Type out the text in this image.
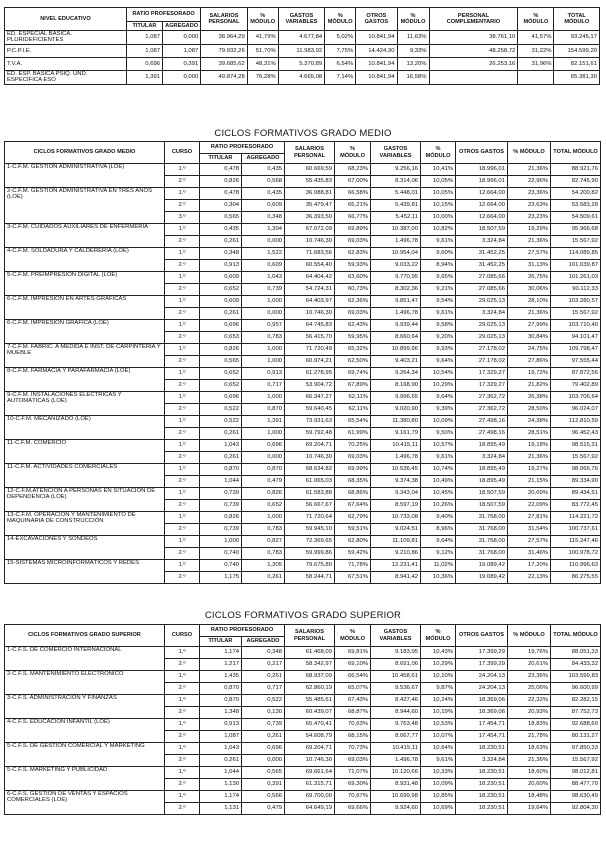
NIVEL EDUCATIVO	RATIO PROFESORADO		SALARIOS PERSONAL	% MÓDULO	GASTOS VARIABLES	% MÓDULO	OTROS GASTOS	% MÓDULO	PERSONAL COMPLEMENTARIO	% MÓDULO	TOTAL MÓDULO
	TITULAR	AGREGADO									
ED. ESPECIAL BÁSICA. PLURIDEFICIENTES	1,087	0,000	38.964,29	41,79%	4.677,84	5,02%	10.841,94	11,63%	38.761,10	41,57%	93.245,17
P.C.P.I.E.	1,087	1,087	79.932,26	51,70%	11.983,92	7,75%	14.424,30	9,33%	48.258,72	31,22%	154.599,20
T.V.A.	0,696	0,391	39.685,62	48,31%	5.370,89	6,54%	10.841,94	13,20%	26.253,16	31,96%	82.151,61
ED. ESP. BÁSICA PSIQ. UND. ESPECÍFICA ESO	1,391	0,000	49.874,28	76,28%	4.665,08	7,14%	10.841,94	16,58%			65.381,30
CICLOS FORMATIVOS GRADO MEDIO
CICLOS FORMATIVOS GRADO MEDIO	CURSO	RATIO PROFESORADO		SALARIOS PERSONAL	% MÓDULO	GASTOS VARIABLES	% MÓDULO	OTROS GASTOS	% MÓDULO	TOTAL MÓDULO
		TITULAR	AGREGADO							
1-C.F.M. GESTIÓN ADMINISTRATIVA (LOE)	1.º	0,478	0,435	60.669,59	68,23%	9.256,16	10,41%	18.996,01	21,36%	88.921,76
	2.º	0,826	0,568	55.435,83	67,00%	8.314,06	10,05%	18.996,01	22,96%	82.745,90
2-C.F.M. GESTIÓN ADMINISTRATIVA EN TRES AÑOS (LOE)	1.º	0,478	0,435	36.088,81	66,58%	5.448,01	10,05%	12.664,00	23,36%	54.200,82
	2.º	0,304	0,609	35.479,47	66,21%	5.439,81	10,15%	12.664,00	23,63%	53.583,28
	3.º	0,565	0,348	36.393,50	66,77%	5.452,11	10,00%	12.664,00	23,23%	54.509,61
3-C.F.M. CUIDADOS AUXILIARES DE ENFERMERÍA	1.º	0,435	1,304	67.072,09	69,89%	10.387,00	10,82%	18.507,59	19,29%	95.966,68
	2.º	0,261	0,000	10.746,30	69,03%	1.496,78	9,61%	3.324,84	21,36%	15.567,92
4-C.F.M. SOLDADURA Y CALDERERÍA (LOE)	1.º	0,348	1,522	71.683,56	62,83%	10.954,04	9,60%	31.452,25	27,57%	114.089,85
	2.º	0,913	0,609	60.554,40	59,93%	9.033,22	8,94%	31.452,25	31,13%	101.039,87
5-C.F.M. PREIMPRESIÓN DIGITAL (LOE)	1.º	0,609	1,043	64.404,42	63,60%	9.770,95	9,65%	27.085,66	26,75%	101.261,03
	2.º	0,652	0,739	54.724,31	60,73%	8.302,36	9,21%	27.085,66	30,06%	90.112,33
6-C.F.M. IMPRESIÓN EN ARTES GRÁFICAS	1.º	0,609	1,000	64.403,97	62,36%	9.851,47	9,54%	29.025,13	28,10%	103.280,57
	2.º	0,261	0,000	10.746,30	69,03%	1.496,78	9,61%	3.324,84	21,36%	15.567,92
6-C.F.M. IMPRESIÓN GRÁFICA (LOE)	1.º	0,696	0,957	64.745,83	62,43%	9.939,44	9,58%	29.025,13	27,99%	103.710,40
	2.º	0,653	0,783	56.415,70	59,95%	8.660,64	9,20%	29.025,13	30,84%	94.101,47
7-C.F.M. FABRIC. A MEDIDA E INST. DE CARPINTERÍA Y MUEBLE	1.º	0,826	1,000	71.720,49	65,32%	10.899,96	9,93%	27.178,02	24,75%	109.798,47
	2.º	0,565	1,000	60.974,21	62,50%	9.403,21	9,64%	27.178,02	27,86%	97.555,44
8-C.F.M. FARMACIA Y PARAFARMACIA (LOE)	1.º	0,652	0,913	61.278,95	69,74%	9.264,34	10,54%	17.329,27	19,72%	87.872,56
	2.º	0,652	0,717	53.904,72	67,89%	8.168,90	10,29%	17.329,27	21,82%	79.402,89
9-C.F.M. INSTALACIONES ELÉCTRICAS Y AUTOMÁTICAS (LOE)	1.º	0,696	1,000	66.347,27	62,11%	9.996,65	9,64%	27.362,72	26,38%	103.706,64
	2.º	0,522	0,870	59.640,45	62,11%	9.020,90	9,39%	27.362,72	28,50%	96.024,07
10-C.F.M. MECANIZADO (LOE)	1.º	0,522	1,391	73.931,63	65,54%	11.380,80	10,09%	27.498,16	24,38%	112.810,59
	2.º	0,261	1,000	59.792,48	61,99%	9.161,79	9,50%	27.498,16	28,51%	96.452,43
11-C.F.M. COMERCIO	1.º	1,043	0,696	69.204,71	70,25%	10.415,11	10,57%	18.895,49	19,18%	98.515,31
	2.º	0,261	0,000	10.746,30	69,03%	1.496,78	9,61%	3.324,84	21,36%	15.567,92
11-C.F.M. ACTIVIDADES COMERCIALES	1.º	0,870	0,870	68.634,82	69,99%	10.536,45	10,74%	18.895,49	19,27%	98.066,76
	2.º	1,044	0,479	61.065,03	68,35%	9.374,38	10,49%	18.895,49	21,15%	89.334,90
12-C.F.M.ATENCIÓN A PERSONAS EN SITUACIÓN DE DEPENDENCIA (LOE)	1.º	0,739	0,826	61.583,88	68,86%	9.343,04	10,45%	18.507,59	20,69%	89.434,51
	2.º	0,739	0,652	56.667,67	67,64%	8.597,19	10,26%	18.507,59	22,09%	83.772,45
13-C.F.M. OPERACIÓN Y MANTENIMIENTO DE MAQUINARIA DE CONSTRUCCIÓN	1.º	0,826	1,000	71.720,64	62,79%	10.733,08	9,40%	31.768,00	27,81%	114.221,72
	2.º	0,739	0,783	59.945,10	59,51%	9.024,51	8,96%	31.768,00	31,54%	100.737,61
14-EXCAVACIONES Y SONDEOS	1.º	1,000	0,827	72.369,65	62,80%	11.109,81	9,64%	31.768,00	27,57%	115.247,46
	2.º	0,740	0,783	59.999,86	59,42%	9.210,86	9,12%	31.768,00	31,46%	100.978,72
15-SISTEMAS MICROINFORMÁTICOS Y REDES	1.º	0,740	1,305	79.675,80	71,78%	12.231,41	11,02%	19.089,42	17,20%	110.996,63
	2.º	1,175	0,261	58.244,71	67,51%	8.941,42	10,36%	19.089,42	22,13%	86.275,55
CICLOS FORMATIVOS GRADO SUPERIOR
CICLOS FORMATIVOS GRADO SUPERIOR	CURSO	RATIO PROFESORADO		SALARIOS PERSONAL	% MÓDULO	GASTOS VARIABLES	% MÓDULO	OTROS GASTOS	% MÓDULO	TOTAL MÓDULO
		TITULAR	AGREGADO							
1-C.F.S. DE COMERCIO INTERNACIONAL	1.º	1,174	0,348	61.468,09	69,81%	9.183,95	10,43%	17.399,29	19,76%	88.051,33
	2.º	1,217	0,217	58.342,97	69,10%	8.691,06	10,29%	17.399,29	20,61%	84.433,32
2-C.F.S. MANTENIMIENTO ELECTRÓNICO	1.º	1,435	0,261	68.937,09	66,54%	10.458,61	10,10%	24.204,13	23,36%	103.599,83
	2.º	0,870	0,717	62.860,19	65,07%	9.536,67	9,87%	24.204,13	25,06%	96.600,99
3-C.F.S. ADMINISTRACIÓN Y FINANZAS	1.º	0,870	0,522	55.485,61	67,43%	8.427,46	10,24%	18.369,06	22,32%	82.282,15
	2.º	1,348	0,130	60.439,07	68,87%	8.944,60	10,19%	18.369,06	20,93%	87.752,73
4-C.F.S. EDUCACIÓN INFANTIL (LOE)	1.º	0,913	0,739	65.470,41	70,63%	9.763,48	10,53%	17.454,71	18,83%	92.688,60
	2.º	1,087	0,261	54.608,79	68,15%	8.067,77	10,07%	17.454,71	21,78%	80.131,27
5-C.F.S. DE GESTIÓN COMERCIAL Y MARKETING	1.º	1,043	0,696	69.204,71	70,73%	10.415,11	10,64%	18.230,51	18,63%	97.850,33
	2.º	0,261	0,000	10.746,30	69,03%	1.496,78	9,61%	3.324,84	21,36%	15.567,92
5-C.F.S. MARKETING Y PUBLICIDAD	1.º	1,044	0,565	69.661,64	71,07%	10.120,66	10,33%	18.230,51	18,60%	98.012,81
	2.º	1,130	0,391	61.315,71	69,30%	8.931,48	10,09%	18.230,51	20,60%	88.477,70
6-C.F.S. GESTIÓN DE VENTAS Y ESPACIOS COMERCIALES (LOE)	1.º	1,174	0,566	69.700,00	70,67%	10.699,98	10,85%	18.230,51	18,48%	98.630,49
	2.º	1,131	0,479	64.649,19	69,66%	9.924,60	10,69%	18.230,51	19,64%	92.804,30
